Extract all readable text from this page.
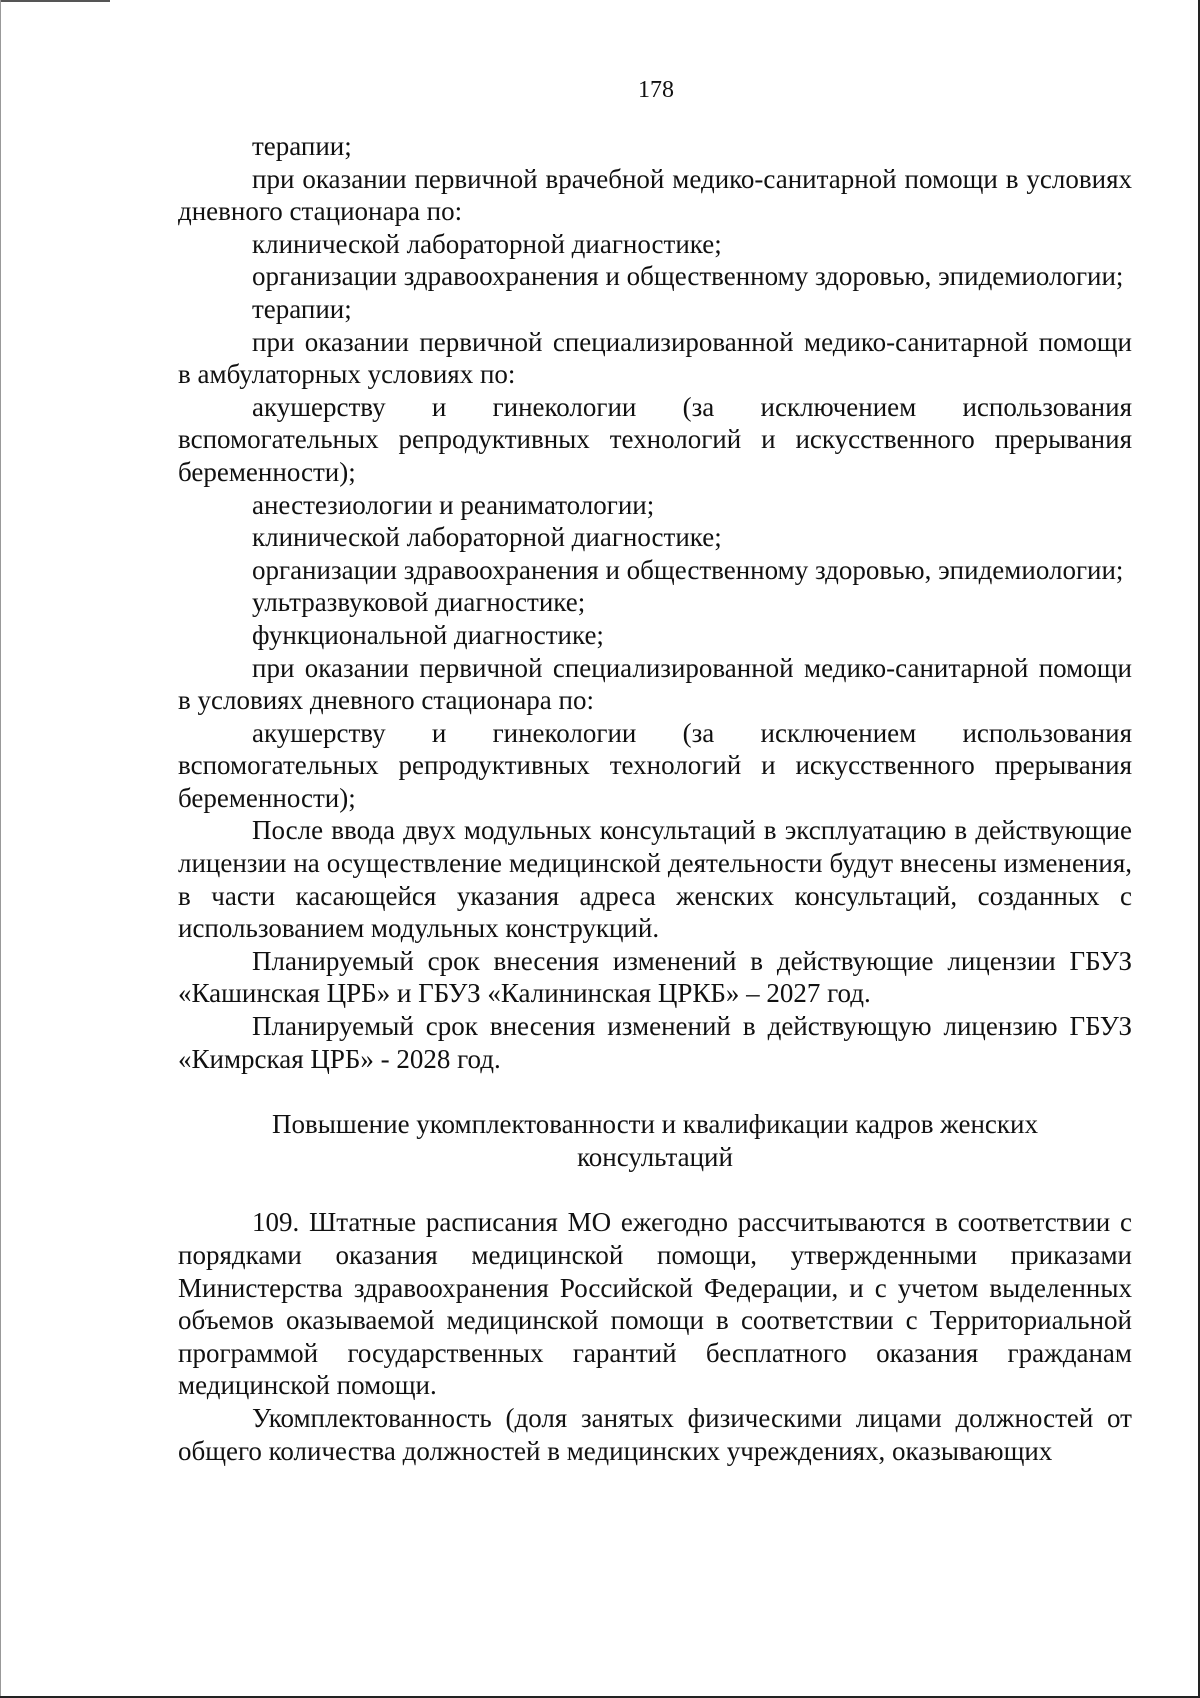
178

терапии;

при оказании первичной врачебной медико-санитарной помощи в условиях дневного стационара по:

клинической лабораторной диагностике;

организации здравоохранения и общественному здоровью, эпидемиологии;

терапии;

при оказании первичной специализированной медико-санитарной помощи в амбулаторных условиях по:

акушерству и гинекологии (за исключением использования вспомогательных репродуктивных технологий и искусственного прерывания беременности);

анестезиологии и реаниматологии;

клинической лабораторной диагностике;

организации здравоохранения и общественному здоровью, эпидемиологии;

ультразвуковой диагностике;

функциональной диагностике;

при оказании первичной специализированной медико-санитарной помощи в условиях дневного стационара по:

акушерству и гинекологии (за исключением использования вспомогательных репродуктивных технологий и искусственного прерывания беременности);

После ввода двух модульных консультаций в эксплуатацию в действующие лицензии на осуществление медицинской деятельности будут внесены изменения, в части касающейся указания адреса женских консультаций, созданных с использованием модульных конструкций.

Планируемый срок внесения изменений в действующие лицензии ГБУЗ «Кашинская ЦРБ» и ГБУЗ «Калининская ЦРКБ» – 2027 год.

Планируемый срок внесения изменений в действующую лицензию ГБУЗ «Кимрская ЦРБ» - 2028 год.

Повышение укомплектованности и квалификации кадров женских консультаций

109. Штатные расписания МО ежегодно рассчитываются в соответствии с порядками оказания медицинской помощи, утвержденными приказами Министерства здравоохранения Российской Федерации, и с учетом выделенных объемов оказываемой медицинской помощи в соответствии с Территориальной программой государственных гарантий бесплатного оказания гражданам медицинской помощи.

Укомплектованность (доля занятых физическими лицами должностей от общего количества должностей в медицинских учреждениях, оказывающих
